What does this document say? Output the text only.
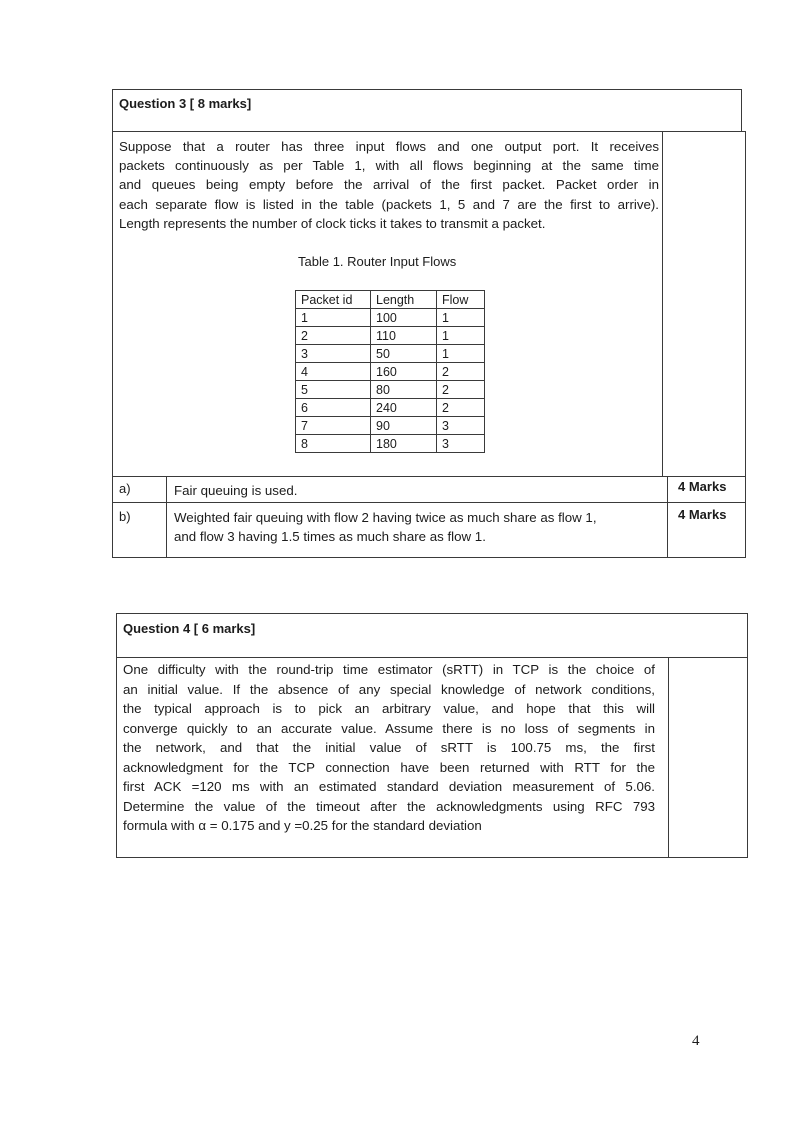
Question 3 [ 8 marks]
Suppose that a router has three input flows and one output port. It receives
packets continuously as per Table 1, with all flows beginning at the same time
and queues being empty before the arrival of the first packet. Packet order in
each separate flow is listed in the table (packets 1, 5 and 7 are the first to arrive).
Length represents the number of clock ticks it takes to transmit a packet.
Table 1. Router Input Flows
Packet id	Length	Flow
1	100	1
2	110	1
3	50	1
4	160	2
5	80	2
6	240	2
7	90	3
8	180	3
a)	Fair queuing is used.	4 Marks
b)	Weighted fair queuing with flow 2 having twice as much share as flow 1,
and flow 3 having 1.5 times as much share as flow 1.
4 Marks
Question 4 [ 6 marks]
One difficulty with the round-trip time estimator (sRTT) in TCP is the choice of
an initial value. If the absence of any special knowledge of network conditions,
the typical approach is to pick an arbitrary value, and hope that this will
converge quickly to an accurate value. Assume there is no loss of segments in
the network, and that the initial value of sRTT is 100.75 ms, the first
acknowledgment for the TCP connection have been returned with RTT for the
first ACK =120 ms with an estimated standard deviation measurement of 5.06.
Determine the value of the timeout after the acknowledgments using RFC 793
formula with α = 0.175 and y =0.25 for the standard deviation
4
